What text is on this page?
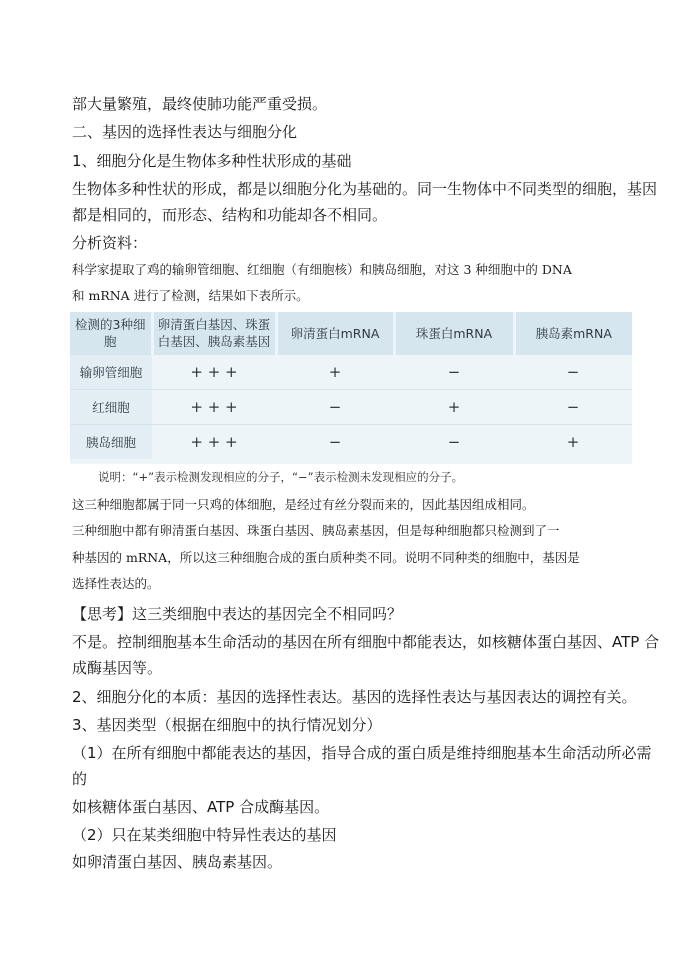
部大量繁殖，最终使肺功能严重受损。
二、基因的选择性表达与细胞分化
1、细胞分化是生物体多种性状形成的基础
生物体多种性状的形成，都是以细胞分化为基础的。同一生物体中不同类型的细胞，基因
都是相同的，而形态、结构和功能却各不相同。
分析资料：
科学家提取了鸡的输卵管细胞、红细胞（有细胞核）和胰岛细胞，对这 3 种细胞中的 DNA
和 mRNA 进行了检测，结果如下表所示。
检测的3种细胞	卵清蛋白基因、珠蛋白基因、胰岛素基因	卵清蛋白mRNA	珠蛋白mRNA	胰岛素mRNA
输卵管细胞	+ + +	+	−	−
红细胞	+ + +	−	+	−
胰岛细胞	+ + +	−	−	+
说明：“+”表示检测发现相应的分子，“−”表示检测未发现相应的分子。
这三种细胞都属于同一只鸡的体细胞，是经过有丝分裂而来的，因此基因组成相同。
三种细胞中都有卵清蛋白基因、珠蛋白基因、胰岛素基因，但是每种细胞都只检测到了一
种基因的 mRNA，所以这三种细胞合成的蛋白质种类不同。说明不同种类的细胞中，基因是
选择性表达的。
【思考】这三类细胞中表达的基因完全不相同吗？
不是。控制细胞基本生命活动的基因在所有细胞中都能表达，如核糖体蛋白基因、ATP 合
成酶基因等。
2、细胞分化的本质：基因的选择性表达。基因的选择性表达与基因表达的调控有关。
3、基因类型（根据在细胞中的执行情况划分）
（1）在所有细胞中都能表达的基因，指导合成的蛋白质是维持细胞基本生命活动所必需
的
如核糖体蛋白基因、ATP 合成酶基因。
（2）只在某类细胞中特异性表达的基因
如卵清蛋白基因、胰岛素基因。
